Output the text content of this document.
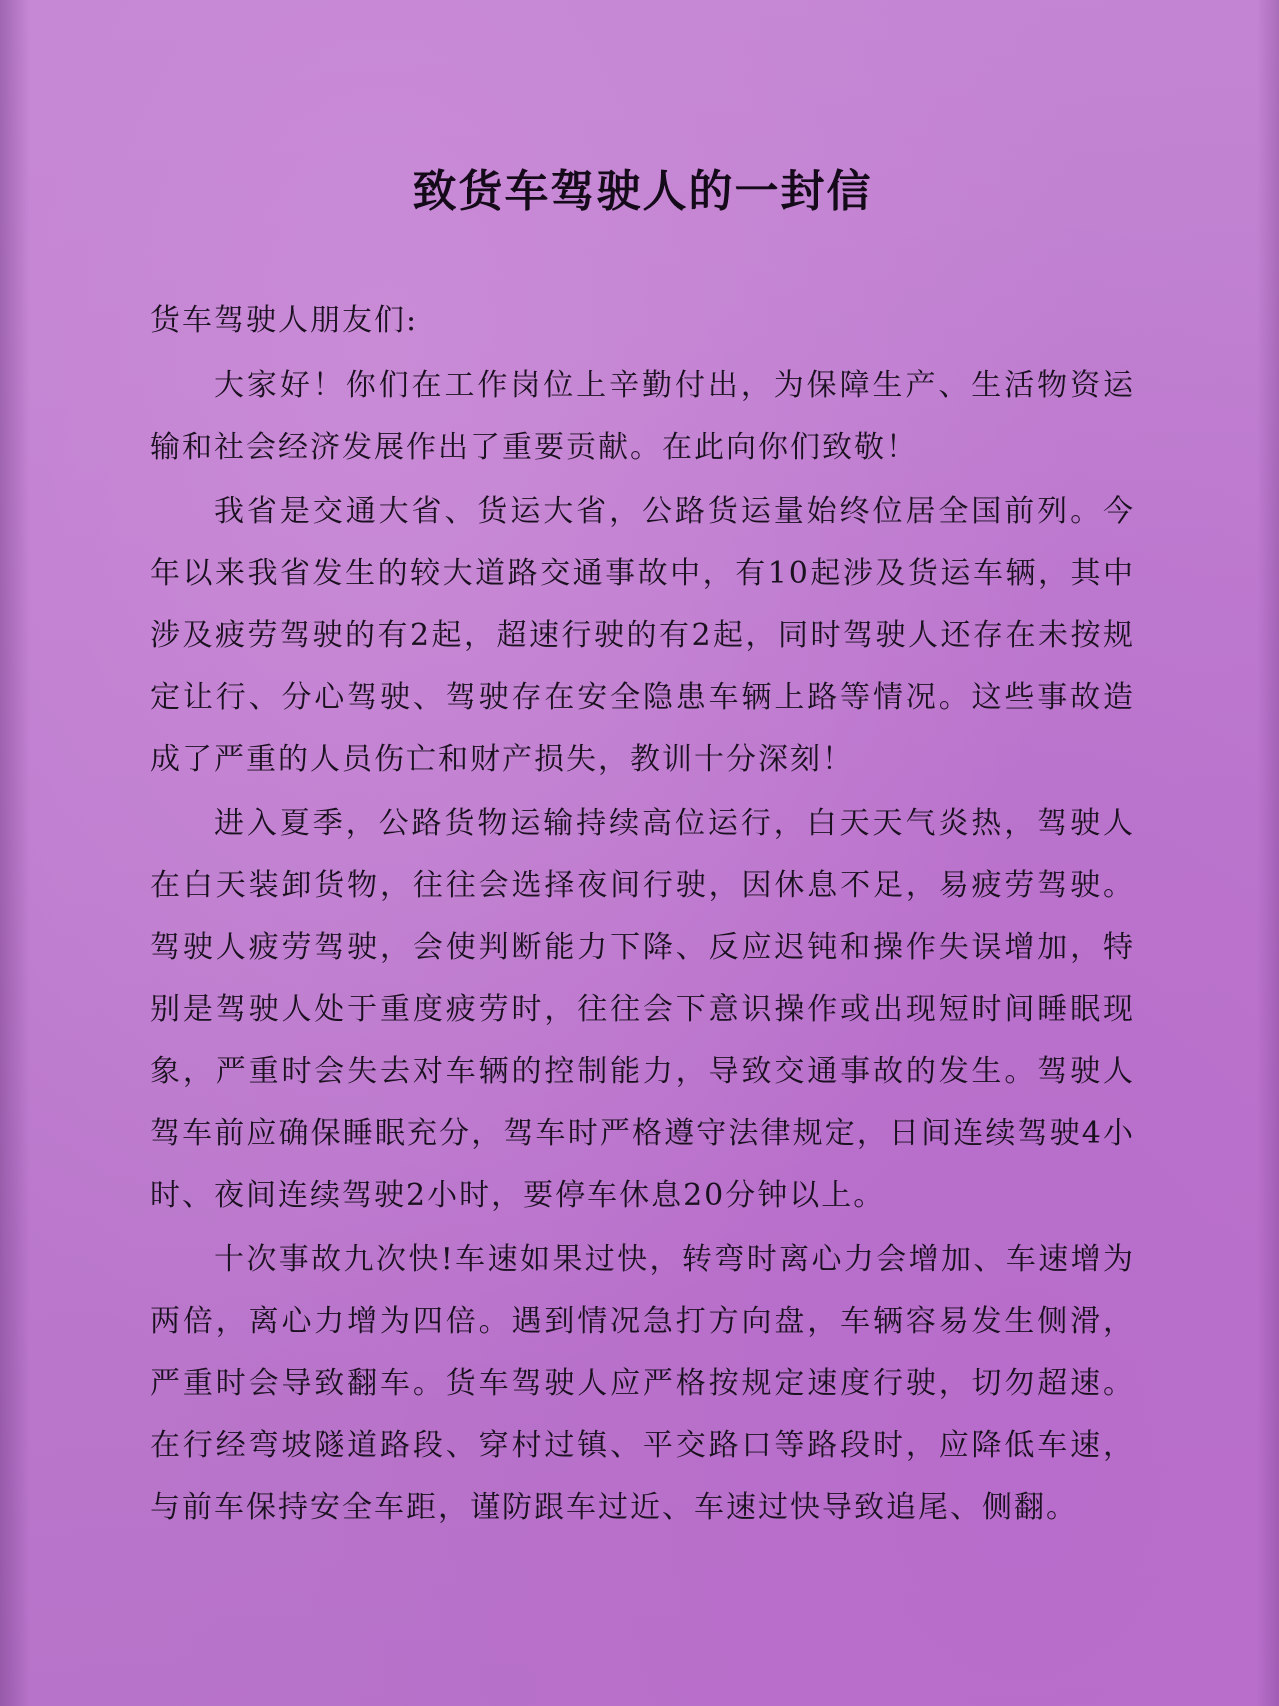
致货车驾驶人的一封信

货车驾驶人朋友们:

大家好！你们在工作岗位上辛勤付出，为保障生产、生活物资运输和社会经济发展作出了重要贡献。在此向你们致敬！

我省是交通大省、货运大省，公路货运量始终位居全国前列。今年以来我省发生的较大道路交通事故中，有10起涉及货运车辆，其中涉及疲劳驾驶的有2起，超速行驶的有2起，同时驾驶人还存在未按规定让行、分心驾驶、驾驶存在安全隐患车辆上路等情况。这些事故造成了严重的人员伤亡和财产损失，教训十分深刻！

进入夏季，公路货物运输持续高位运行，白天天气炎热，驾驶人在白天装卸货物，往往会选择夜间行驶，因休息不足，易疲劳驾驶。驾驶人疲劳驾驶，会使判断能力下降、反应迟钝和操作失误增加，特别是驾驶人处于重度疲劳时，往往会下意识操作或出现短时间睡眠现象，严重时会失去对车辆的控制能力，导致交通事故的发生。驾驶人驾车前应确保睡眠充分，驾车时严格遵守法律规定，日间连续驾驶4小时、夜间连续驾驶2小时，要停车休息20分钟以上。

十次事故九次快!车速如果过快，转弯时离心力会增加、车速增为两倍，离心力增为四倍。遇到情况急打方向盘，车辆容易发生侧滑，严重时会导致翻车。货车驾驶人应严格按规定速度行驶，切勿超速。在行经弯坡隧道路段、穿村过镇、平交路口等路段时，应降低车速，与前车保持安全车距，谨防跟车过近、车速过快导致追尾、侧翻。
